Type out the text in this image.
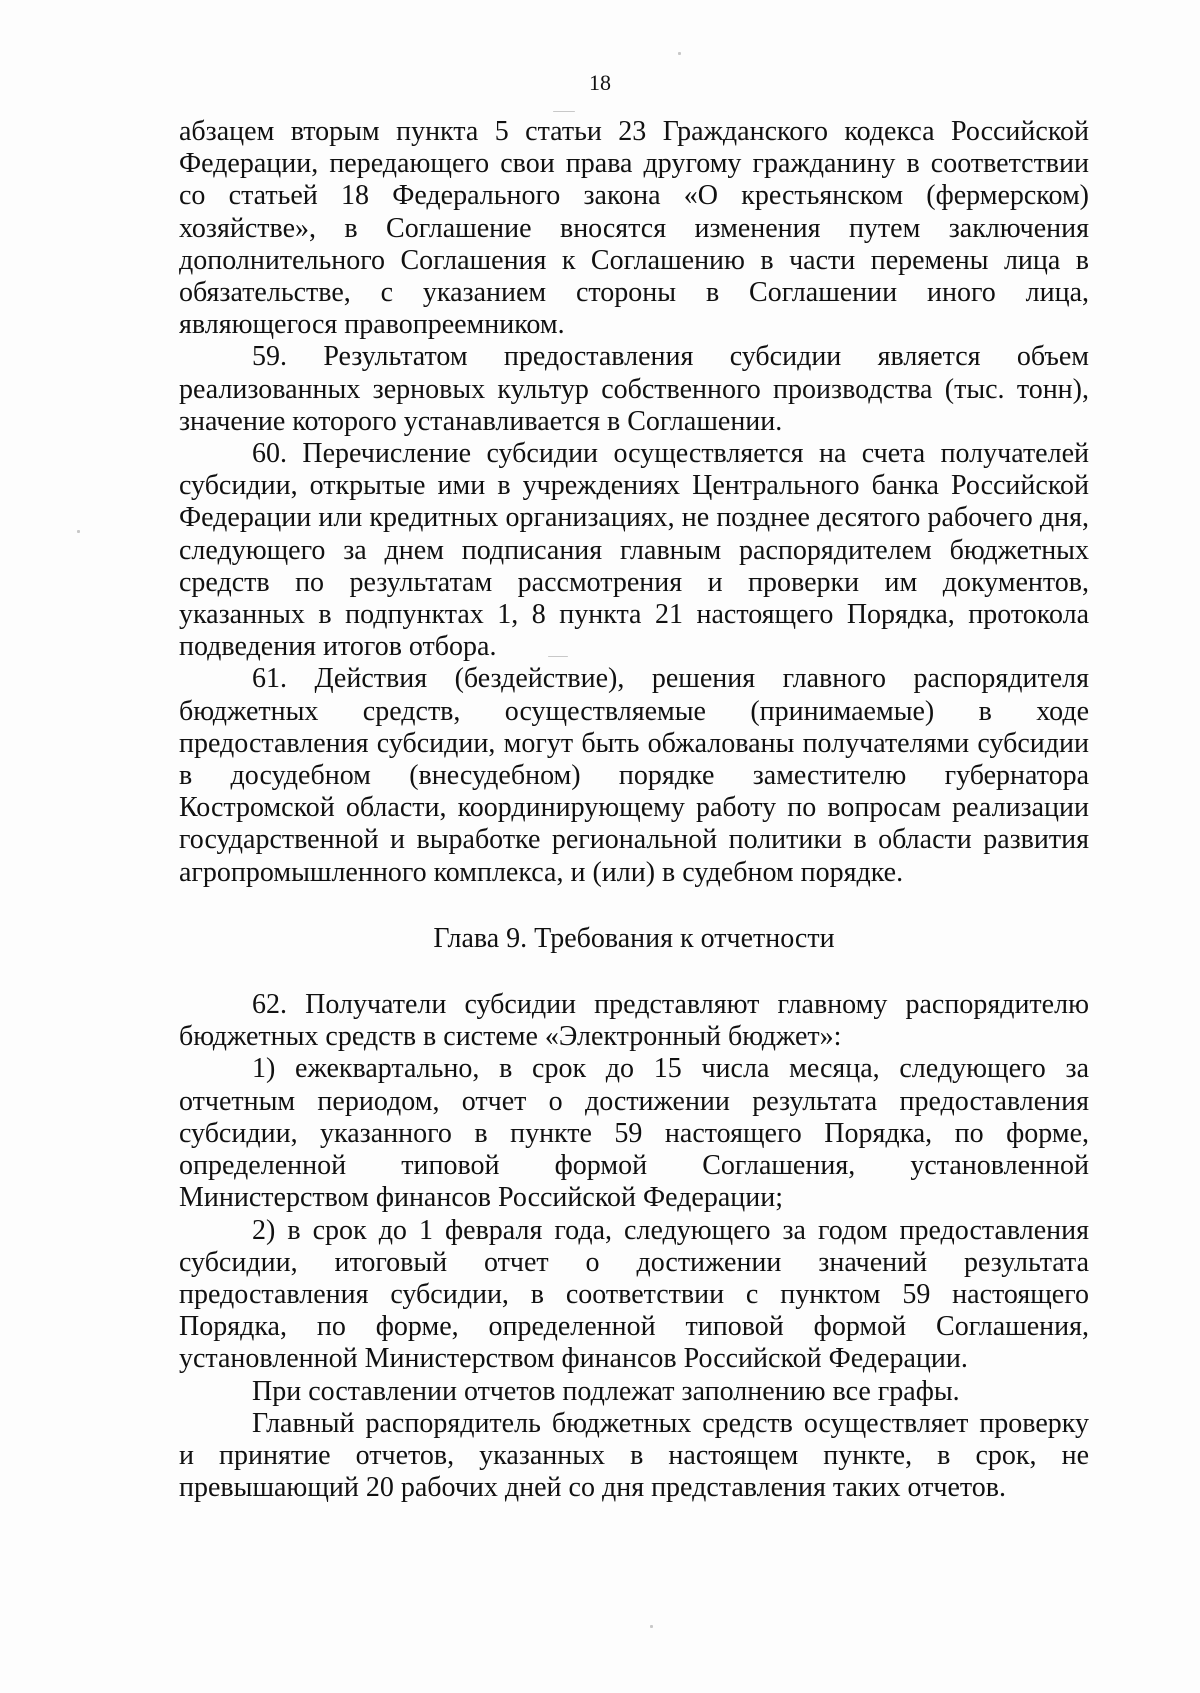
18

абзацем вторым пункта 5 статьи 23 Гражданского кодекса Российской Федерации, передающего свои права другому гражданину в соответствии со статьей 18 Федерального закона «О крестьянском (фермерском) хозяйстве», в Соглашение вносятся изменения путем заключения дополнительного Соглашения к Соглашению в части перемены лица в обязательстве, с указанием стороны в Соглашении иного лица, являющегося правопреемником.

59. Результатом предоставления субсидии является объем реализованных зерновых культур собственного производства (тыс. тонн), значение которого устанавливается в Соглашении.

60. Перечисление субсидии осуществляется на счета получателей субсидии, открытые ими в учреждениях Центрального банка Российской Федерации или кредитных организациях, не позднее десятого рабочего дня, следующего за днем подписания главным распорядителем бюджетных средств по результатам рассмотрения и проверки им документов, указанных в подпунктах 1, 8 пункта 21 настоящего Порядка, протокола подведения итогов отбора.

61. Действия (бездействие), решения главного распорядителя бюджетных средств, осуществляемые (принимаемые) в ходе предоставления субсидии, могут быть обжалованы получателями субсидии в досудебном (внесудебном) порядке заместителю губернатора Костромской области, координирующему работу по вопросам реализации государственной и выработке региональной политики в области развития агропромышленного комплекса, и (или) в судебном порядке.

Глава 9. Требования к отчетности

62. Получатели субсидии представляют главному распорядителю бюджетных средств в системе «Электронный бюджет»:

1) ежеквартально, в срок до 15 числа месяца, следующего за отчетным периодом, отчет о достижении результата предоставления субсидии, указанного в пункте 59 настоящего Порядка, по форме, определенной типовой формой Соглашения, установленной Министерством финансов Российской Федерации;

2) в срок до 1 февраля года, следующего за годом предоставления субсидии, итоговый отчет о достижении значений результата предоставления субсидии, в соответствии с пунктом 59 настоящего Порядка, по форме, определенной типовой формой Соглашения, установленной Министерством финансов Российской Федерации.

При составлении отчетов подлежат заполнению все графы.

Главный распорядитель бюджетных средств осуществляет проверку и принятие отчетов, указанных в настоящем пункте, в срок, не превышающий 20 рабочих дней со дня представления таких отчетов.
